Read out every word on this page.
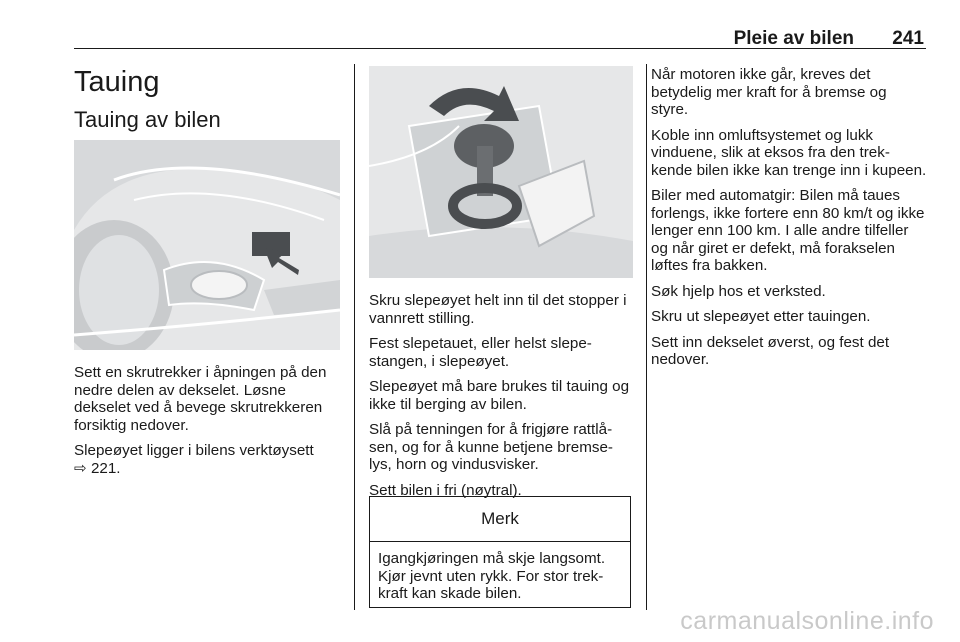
Pleie av bilen 241
Tauing
Tauing av bilen

Sett en skrutrekker i åpningen på den nedre delen av dekselet. Løsne dekselet ved å bevege skrutrekkeren forsiktig nedover.

Slepeøyet ligger i bilens verktøysett

⇨ 221.

Skru slepeøyet helt inn til det stopper i vannrett stilling.

Fest slepetauet, eller helst slepe-stangen, i slepeøyet.

Slepeøyet må bare brukes til tauing og ikke til berging av bilen.

Slå på tenningen for å frigjøre rattlå-sen, og for å kunne betjene bremse-lys, horn og vindusvisker.

Sett bilen i fri (nøytral).

Merk
Igangkjøringen må skje langsomt. Kjør jevnt uten rykk. For stor trek-kraft kan skade bilen.

Når motoren ikke går, kreves det betydelig mer kraft for å bremse og styre.

Koble inn omluftsystemet og lukk vinduene, slik at eksos fra den trek-kende bilen ikke kan trenge inn i kupeen.

Biler med automatgir: Bilen må taues forlengs, ikke fortere enn 80 km/t og ikke lenger enn 100 km. I alle andre tilfeller og når giret er defekt, må forakselen løftes fra bakken.

Søk hjelp hos et verksted.

Skru ut slepeøyet etter tauingen.

Sett inn dekselet øverst, og fest det nedover.

carmanualsonline.info
